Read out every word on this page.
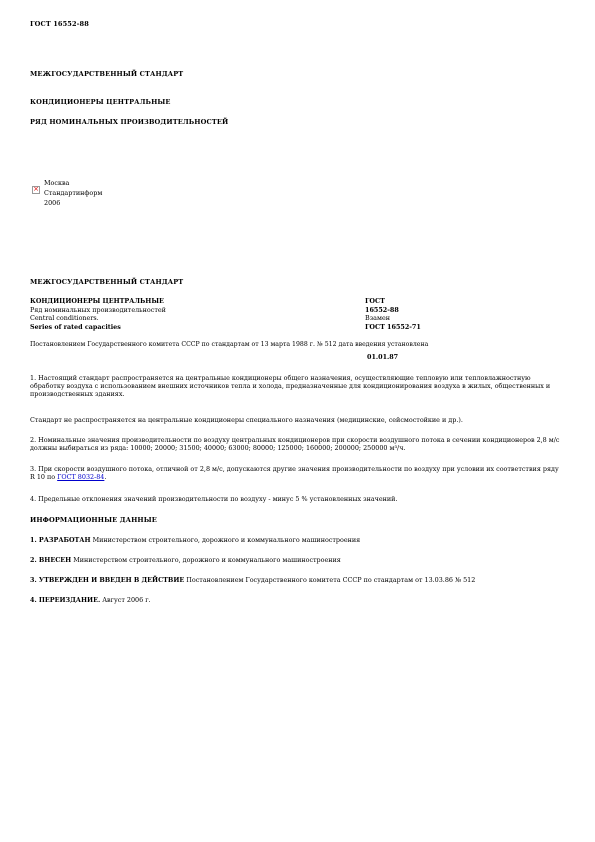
ГОСТ 16552-88
МЕЖГОСУДАРСТВЕННЫЙ СТАНДАРТ
КОНДИЦИОНЕРЫ ЦЕНТРАЛЬНЫЕ
РЯД НОМИНАЛЬНЫХ ПРОИЗВОДИТЕЛЬНОСТЕЙ
×
Москва
Стандартинформ
2006
МЕЖГОСУДАРСТВЕННЫЙ СТАНДАРТ
КОНДИЦИОНЕРЫ ЦЕНТРАЛЬНЫЕ	ГОСТ
Ряд номинальных производительностей	16552-88
Central conditioners.	Взамен
Series of rated capacities	ГОСТ 16552-71
Постановлением Государственного комитета СССР по стандартам от 13 марта 1988 г. № 512 дата введения установлена
01.01.87
1. Настоящий стандарт распространяется на центральные кондиционеры общего назначения, осуществляющие тепловую или тепловлажностную обработку воздуха с использованием внешних источников тепла и холода, предназначенные для кондиционирования воздуха в жилых, общественных и производственных зданиях.
Стандарт не распространяется на центральные кондиционеры специального назначения (медицинские, сейсмостойкие и др.).
2. Номинальные значения производительности по воздуху центральных кондиционеров при скорости воздушного потока в сечении кондиционеров 2,8 м/с должны выбираться из ряда: 10000; 20000; 31500; 40000; 63000; 80000; 125000; 160000; 200000; 250000 м³/ч.
3. При скорости воздушного потока, отличной от 2,8 м/с, допускаются другие значения производительности по воздуху при условии их соответствия ряду R 10 по ГОСТ 8032-84.
4. Предельные отклонения значений производительности по воздуху - минус 5 % установленных значений.
ИНФОРМАЦИОННЫЕ ДАННЫЕ
1. РАЗРАБОТАН Министерством строительного, дорожного и коммунального машиностроения
2. ВНЕСЕН Министерством строительного, дорожного и коммунального машиностроения
3. УТВЕРЖДЕН И ВВЕДЕН В ДЕЙСТВИЕ Постановлением Государственного комитета СССР по стандартам от 13.03.86 № 512
4. ПЕРЕИЗДАНИЕ. Август 2006 г.
